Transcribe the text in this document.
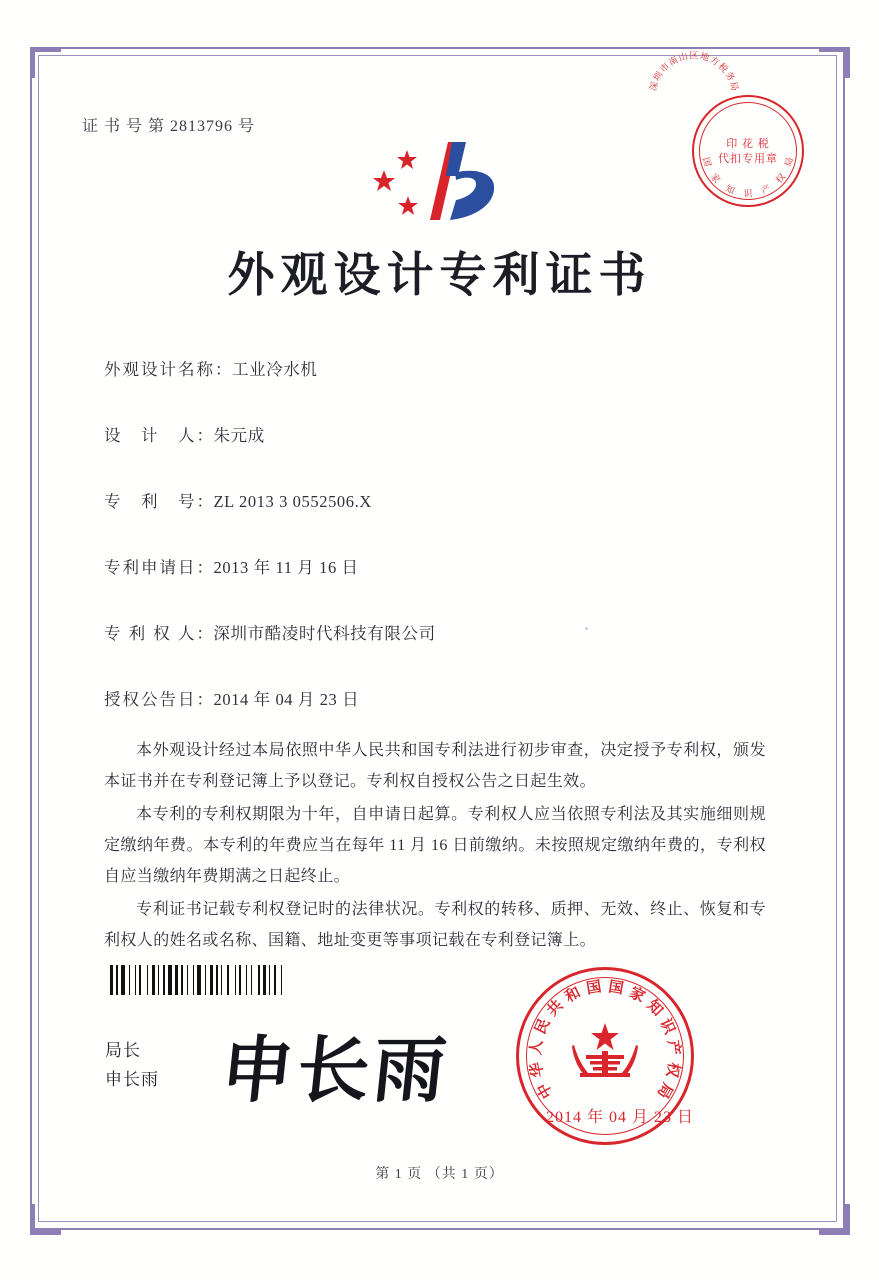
证 书 号 第 2813796 号
深
圳
市
南
山 区 地
方
税
务
局
印 花 税
代扣专用章
国
家
知 识 产
权
局
外观设计专利证书
外观设计名称：工业冷水机
设　计　人：朱元成
专　利　号：ZL 2013 3 0552506.X
专利申请日：2013 年 11 月 16 日
专 利 权 人：深圳市酷凌时代科技有限公司
授权公告日：2014 年 04 月 23 日

本外观设计经过本局依照中华人民共和国专利法进行初步审查，决定授予专利权，颁发本证书并在专利登记簿上予以登记。专利权自授权公告之日起生效。

本专利的专利权期限为十年，自申请日起算。专利权人应当依照专利法及其实施细则规定缴纳年费。本专利的年费应当在每年 11 月 16 日前缴纳。未按照规定缴纳年费的，专利权自应当缴纳年费期满之日起终止。

专利证书记载专利权登记时的法律状况。专利权的转移、质押、无效、终止、恢复和专利权人的姓名或名称、国籍、地址变更等事项记载在专利登记簿上。

局长
申长雨 申长雨	中
华
人
民
共
和 国 国 家
知
识
产
权
局
2014 年 04 月 23 日
第 1 页 （共 1 页）
